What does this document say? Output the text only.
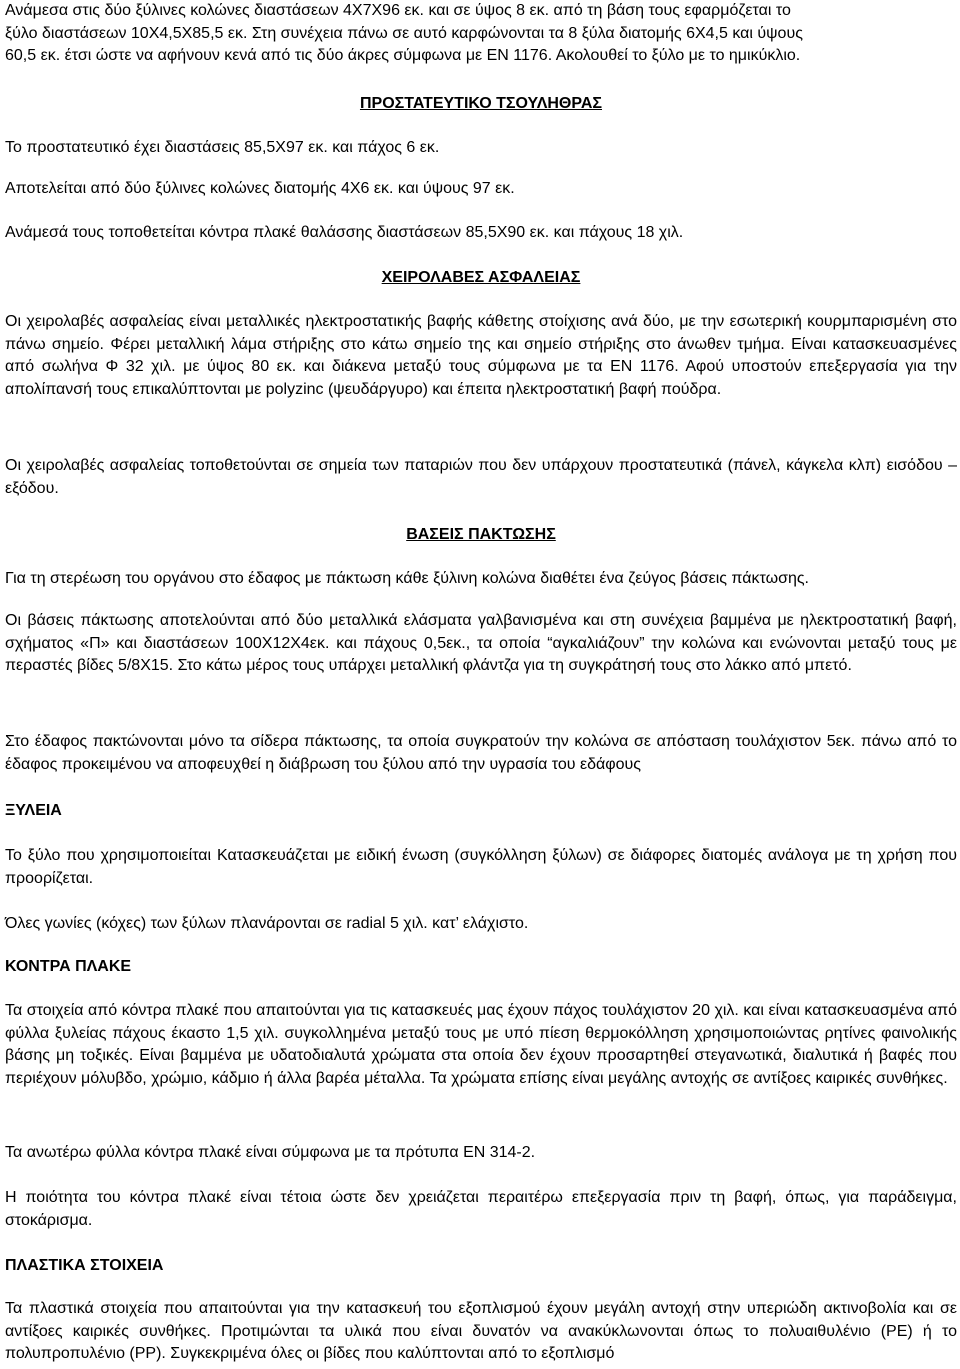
Ανάμεσα στις δύο ξύλινες κολώνες διαστάσεων 4Χ7Χ96 εκ. και σε ύψος 8 εκ. από τη βάση τους εφαρμόζεται το
ξύλο διαστάσεων 10Χ4,5Χ85,5 εκ. Στη συνέχεια πάνω σε αυτό καρφώνονται τα 8 ξύλα διατομής 6Χ4,5 και ύψους
60,5 εκ. έτσι ώστε να αφήνουν κενά από τις δύο άκρες σύμφωνα με ΕΝ 1176. Ακολουθεί το ξύλο με το ημικύκλιο.

ΠΡΟΣΤΑΤΕΥΤΙΚΟ ΤΣΟΥΛΗΘΡΑΣ

Το προστατευτικό έχει διαστάσεις 85,5Χ97 εκ. και πάχος 6 εκ.

Αποτελείται από δύο ξύλινες κολώνες διατομής 4Χ6 εκ. και ύψους 97 εκ.

Ανάμεσά τους τοποθετείται κόντρα πλακέ θαλάσσης διαστάσεων 85,5Χ90 εκ. και πάχους 18 χιλ.

ΧΕΙΡΟΛΑΒΕΣ ΑΣΦΑΛΕΙΑΣ

Οι χειρολαβές ασφαλείας είναι μεταλλικές ηλεκτροστατικής βαφής κάθετης στοίχισης ανά δύο, με την εσωτερική κουρμπαρισμένη στο πάνω σημείο. Φέρει μεταλλική λάμα στήριξης στο κάτω σημείο της και σημείο στήριξης στο άνωθεν τμήμα. Είναι κατασκευασμένες από σωλήνα Φ 32 χιλ. με ύψος 80 εκ. και διάκενα μεταξύ τους σύμφωνα με τα ΕΝ 1176. Αφού υποστούν επεξεργασία για την απολίπανσή τους επικαλύπτονται με polyzinc (ψευδάργυρο) και έπειτα ηλεκτροστατική βαφή πούδρα.

Οι χειρολαβές ασφαλείας τοποθετούνται σε σημεία των παταριών που δεν υπάρχουν προστατευτικά (πάνελ, κάγκελα κλπ) εισόδου – εξόδου.

ΒΑΣΕΙΣ ΠΑΚΤΩΣΗΣ

Για τη στερέωση του οργάνου στο έδαφος με πάκτωση κάθε ξύλινη κολώνα διαθέτει ένα ζεύγος βάσεις πάκτωσης.

Οι βάσεις πάκτωσης αποτελούνται από δύο μεταλλικά ελάσματα γαλβανισμένα και στη συνέχεια βαμμένα με ηλεκτροστατική βαφή, σχήματος «Π» και διαστάσεων 100Χ12Χ4εκ. και πάχους 0,5εκ., τα οποία “αγκαλιάζουν” την κολώνα και ενώνονται μεταξύ τους με περαστές βίδες 5/8Χ15. Στο κάτω μέρος τους υπάρχει μεταλλική φλάντζα για τη συγκράτησή τους στο λάκκο από μπετό.

Στο έδαφος πακτώνονται μόνο τα σίδερα πάκτωσης, τα οποία συγκρατούν την κολώνα σε απόσταση τουλάχιστον 5εκ. πάνω από το έδαφος προκειμένου να αποφευχθεί η διάβρωση του ξύλου από την υγρασία του εδάφους

ΞΥΛΕΙΑ

Το ξύλο που χρησιμοποιείται Κατασκευάζεται με ειδική ένωση (συγκόλληση ξύλων) σε διάφορες διατομές ανάλογα με τη χρήση που προορίζεται.

Όλες γωνίες (κόχες) των ξύλων πλανάρονται σε radial 5 χιλ. κατ’ ελάχιστο.

ΚΟΝΤΡΑ ΠΛΑΚΕ

Τα στοιχεία από κόντρα πλακέ που απαιτούνται για τις κατασκευές μας έχουν πάχος τουλάχιστον 20 χιλ. και είναι κατασκευασμένα από φύλλα ξυλείας πάχους έκαστο 1,5 χιλ. συγκολλημένα μεταξύ τους με υπό πίεση θερμοκόλληση χρησιμοποιώντας ρητίνες φαινολικής βάσης μη τοξικές. Είναι βαμμένα με υδατοδιαλυτά χρώματα στα οποία δεν έχουν προσαρτηθεί στεγανωτικά, διαλυτικά ή βαφές που περιέχουν μόλυβδο, χρώμιο, κάδμιο ή άλλα βαρέα μέταλλα. Τα χρώματα επίσης είναι μεγάλης αντοχής σε αντίξοες καιρικές συνθήκες.

Τα ανωτέρω φύλλα κόντρα πλακέ είναι σύμφωνα με τα πρότυπα ΕΝ 314-2.

Η ποιότητα του κόντρα πλακέ είναι τέτοια ώστε δεν χρειάζεται περαιτέρω επεξεργασία πριν τη βαφή, όπως, για παράδειγμα, στοκάρισμα.

ΠΛΑΣΤΙΚΑ ΣΤΟΙΧΕΙΑ

Τα πλαστικά στοιχεία που απαιτούνται για την κατασκευή του εξοπλισμού έχουν μεγάλη αντοχή στην υπεριώδη ακτινοβολία και σε αντίξοες καιρικές συνθήκες. Προτιμώνται τα υλικά που είναι δυνατόν να ανακύκλωνονται όπως το πολυαιθυλένιο (PE) ή το πολυπροπυλένιο (PP). Συγκεκριμένα όλες οι βίδες που καλύπτονται από το εξοπλισμό
